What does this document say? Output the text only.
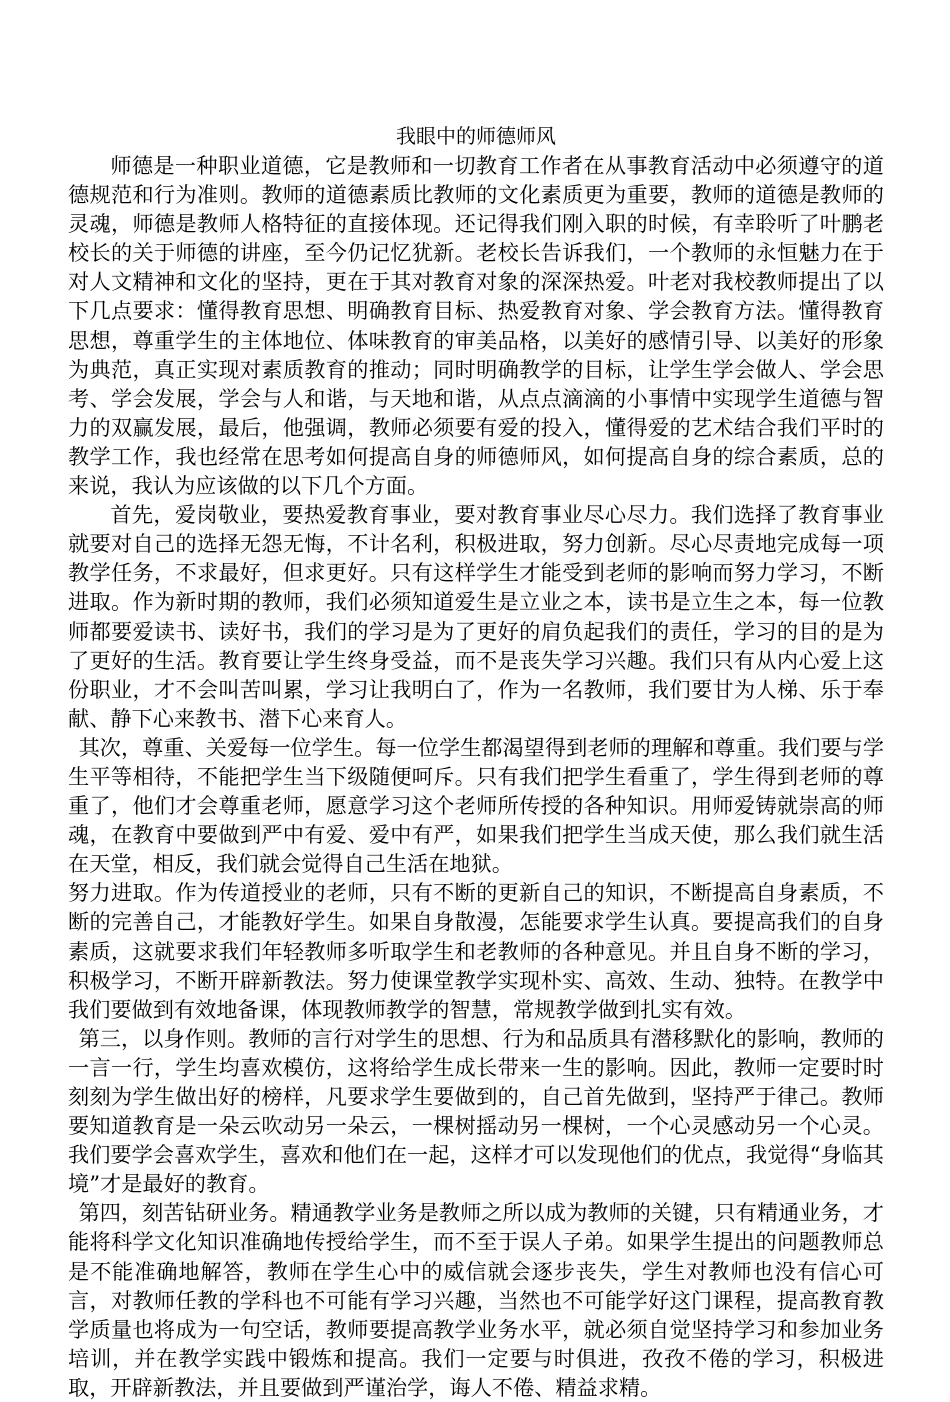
我眼中的师德师风

师德是一种职业道德，它是教师和一切教育工作者在从事教育活动中必须遵守的道德规范和行为准则。教师的道德素质比教师的文化素质更为重要，教师的道德是教师的灵魂，师德是教师人格特征的直接体现。还记得我们刚入职的时候，有幸聆听了叶鹏老校长的关于师德的讲座，至今仍记忆犹新。老校长告诉我们，一个教师的永恒魅力在于对人文精神和文化的坚持，更在于其对教育对象的深深热爱。叶老对我校教师提出了以下几点要求：懂得教育思想、明确教育目标、热爱教育对象、学会教育方法。懂得教育思想，尊重学生的主体地位、体味教育的审美品格，以美好的感情引导、以美好的形象为典范，真正实现对素质教育的推动；同时明确教学的目标，让学生学会做人、学会思考、学会发展，学会与人和谐，与天地和谐，从点点滴滴的小事情中实现学生道德与智力的双赢发展，最后，他强调，教师必须要有爱的投入，懂得爱的艺术结合我们平时的教学工作，我也经常在思考如何提高自身的师德师风，如何提高自身的综合素质，总的来说，我认为应该做的以下几个方面。

首先，爱岗敬业，要热爱教育事业，要对教育事业尽心尽力。我们选择了教育事业就要对自己的选择无怨无悔，不计名利，积极进取，努力创新。尽心尽责地完成每一项教学任务，不求最好，但求更好。只有这样学生才能受到老师的影响而努力学习，不断进取。作为新时期的教师，我们必须知道爱生是立业之本，读书是立生之本，每一位教师都要爱读书、读好书，我们的学习是为了更好的肩负起我们的责任，学习的目的是为了更好的生活。教育要让学生终身受益，而不是丧失学习兴趣。我们只有从内心爱上这份职业，才不会叫苦叫累，学习让我明白了，作为一名教师，我们要甘为人梯、乐于奉献、静下心来教书、潜下心来育人。

其次，尊重、关爱每一位学生。每一位学生都渴望得到老师的理解和尊重。我们要与学生平等相待，不能把学生当下级随便呵斥。只有我们把学生看重了，学生得到老师的尊重了，他们才会尊重老师，愿意学习这个老师所传授的各种知识。用师爱铸就崇高的师魂，在教育中要做到严中有爱、爱中有严，如果我们把学生当成天使，那么我们就生活在天堂，相反，我们就会觉得自己生活在地狱。

努力进取。作为传道授业的老师，只有不断的更新自己的知识，不断提高自身素质，不断的完善自己，才能教好学生。如果自身散漫，怎能要求学生认真。要提高我们的自身素质，这就要求我们年轻教师多听取学生和老教师的各种意见。并且自身不断的学习，积极学习，不断开辟新教法。努力使课堂教学实现朴实、高效、生动、独特。在教学中我们要做到有效地备课，体现教师教学的智慧，常规教学做到扎实有效。

第三，以身作则。教师的言行对学生的思想、行为和品质具有潜移默化的影响，教师的一言一行，学生均喜欢模仿，这将给学生成长带来一生的影响。因此，教师一定要时时刻刻为学生做出好的榜样，凡要求学生要做到的，自己首先做到，坚持严于律己。教师要知道教育是一朵云吹动另一朵云，一棵树摇动另一棵树，一个心灵感动另一个心灵。我们要学会喜欢学生，喜欢和他们在一起，这样才可以发现他们的优点，我觉得“身临其境”才是最好的教育。

第四，刻苦钻研业务。精通教学业务是教师之所以成为教师的关键，只有精通业务，才能将科学文化知识准确地传授给学生，而不至于误人子弟。如果学生提出的问题教师总是不能准确地解答，教师在学生心中的威信就会逐步丧失，学生对教师也没有信心可言，对教师任教的学科也不可能有学习兴趣，当然也不可能学好这门课程，提高教育教学质量也将成为一句空话，教师要提高教学业务水平，就必须自觉坚持学习和参加业务培训，并在教学实践中锻炼和提高。我们一定要与时俱进，孜孜不倦的学习，积极进取，开辟新教法，并且要做到严谨治学，诲人不倦、精益求精。
